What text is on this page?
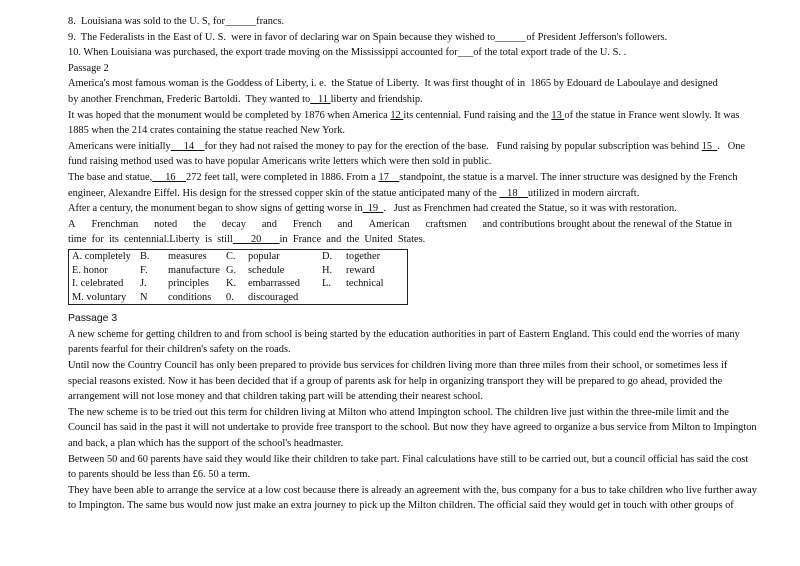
8.  Louisiana was sold to the U. S, for______francs.
9.  The Federalists in the East of U. S.  were in favor of declaring war on Spain because they wished to______of President Jefferson's followers.
10. When Louisiana was purchased, the export trade moving on the Mississippi accounted for___of the total export trade of the U. S. .
Passage 2
America's most famous woman is the Goddess of Liberty, i. e.  the Statue of Liberty.  It was first thought of in  1865 by Edouard de Laboulaye and designed
by another Frenchman, Frederic Bartoldi.  They wanted to   11 liberty and friendship.
It was hoped that the monument would be completed by 1876 when America 12 its centennial. Fund raising and the 13 of the statue in France went slowly. It was
1885 when the 214 crates containing the statue reached New York.
Americans were initially     14    for they had not raised the money to pay for the erection of the base.   Fund raising by popular subscription was behind 15  .   One
fund raising method used was to have popular Americans write letters which were then sold in public.
The base and statue,     16    272 feet tall, were completed in 1886. From a 17    standpoint, the statue is a marvel. The inner structure was designed by the French
engineer, Alexandre Eiffel. His design for the stressed copper skin of the statue anticipated many of the    18    utilized in modern aircraft.
After a century, the monument began to show signs of getting worse in  19  .   Just as Frenchmen had created the Statue, so it was with restoration.
A Frenchman noted the decay and French and American craftsmen and contributions brought about the renewal of the Statue in
time  for  its  centennial.Liberty  is  still       20       in  France  and  the  United  States.
A. completely	B.	measures	C.	popular	D.	together
E. honor	F.	manufacture	G.	schedule	H.	reward
I. celebrated	J.	principles	K.	embarrassed	L.	technical
M. voluntary	N	conditions	0.	discouraged		
Passage 3
A new scheme for getting children to and from school is being started by the education authorities in part of Eastern England. This could end the worries of many
parents fearful for their children's safety on the roads.
Until now the Country Council has only been prepared to provide bus services for children living more than three miles from their school, or sometimes less if
special reasons existed. Now it has been decided that if a group of parents ask for help in organizing transport they will be prepared to go ahead, provided the
arrangement will not lose money and that children taking part will be attending their nearest school.
The new scheme is to be tried out this term for children living at Milton who attend Impington school. The children live just within the three-mile limit and the
Council has said in the past it will not undertake to provide free transport to the school. But now they have agreed to organize a bus service from Milton to Impington
and back, a plan which has the support of the school's headmaster.
Between 50 and 60 parents have said they would like their children to take part. Final calculations have still to be carried out, but a council official has said the cost
to parents should be less than £6. 50 a term.
They have been able to arrange the service at a low cost because there is already an agreement with the, bus company for a bus to take children who live further away
to Impington. The same bus would now just make an extra journey to pick up the Milton children. The official said they would get in touch with other groups of
